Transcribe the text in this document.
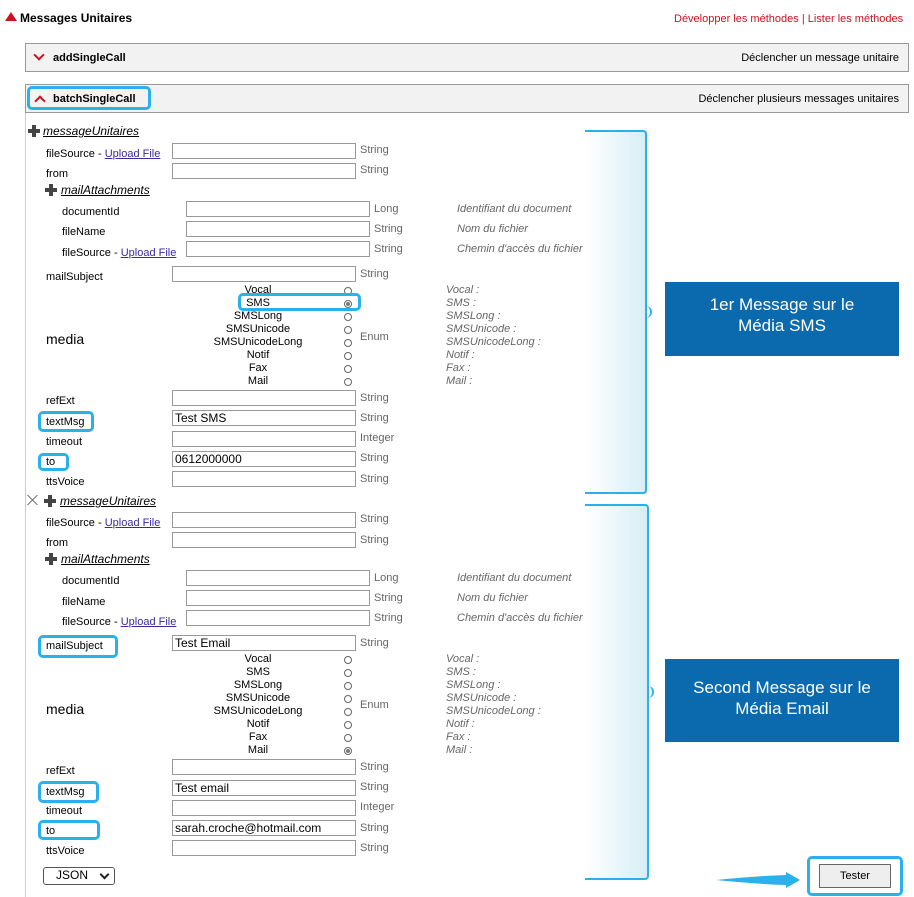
Messages Unitaires	Développer les méthodes | Lister les méthodes
addSingleCall	Déclencher un message unitaire
batchSingleCall	Déclencher plusieurs messages unitaires
messageUnitaires
fileSource - Upload File	String
from	String
mailAttachments
documentId	Long	Identifiant du document
fileName	String	Nom du fichier
fileSource - Upload File	String	Chemin d'accès du fichier
mailSubject	String
media
Vocal	Vocal :
SMS	SMS :
SMSLong	SMSLong :
SMSUnicode	SMSUnicode :
SMSUnicodeLong	SMSUnicodeLong :
Notif	Notif :
Fax	Fax :
Mail	Mail :
Enum
refExt	String
textMsg	Test SMS	String
timeout	Integer
to	0612000000	String
ttsVoice	String
1er Message sur le Média SMS
messageUnitaires
fileSource - Upload File	String
from	String
mailAttachments
documentId	Long	Identifiant du document
fileName	String	Nom du fichier
fileSource - Upload File	String	Chemin d'accès du fichier
mailSubject	Test Email	String
media
Vocal	Vocal :
SMS	SMS :
SMSLong	SMSLong :
SMSUnicode	SMSUnicode :
SMSUnicodeLong	SMSUnicodeLong :
Notif	Notif :
Fax	Fax :
Mail	Mail :
Enum
refExt	String
textMsg	Test email	String
timeout	Integer
to	sarah.croche@hotmail.com	String
ttsVoice	String
Second Message sur le Média Email
JSON	Tester
